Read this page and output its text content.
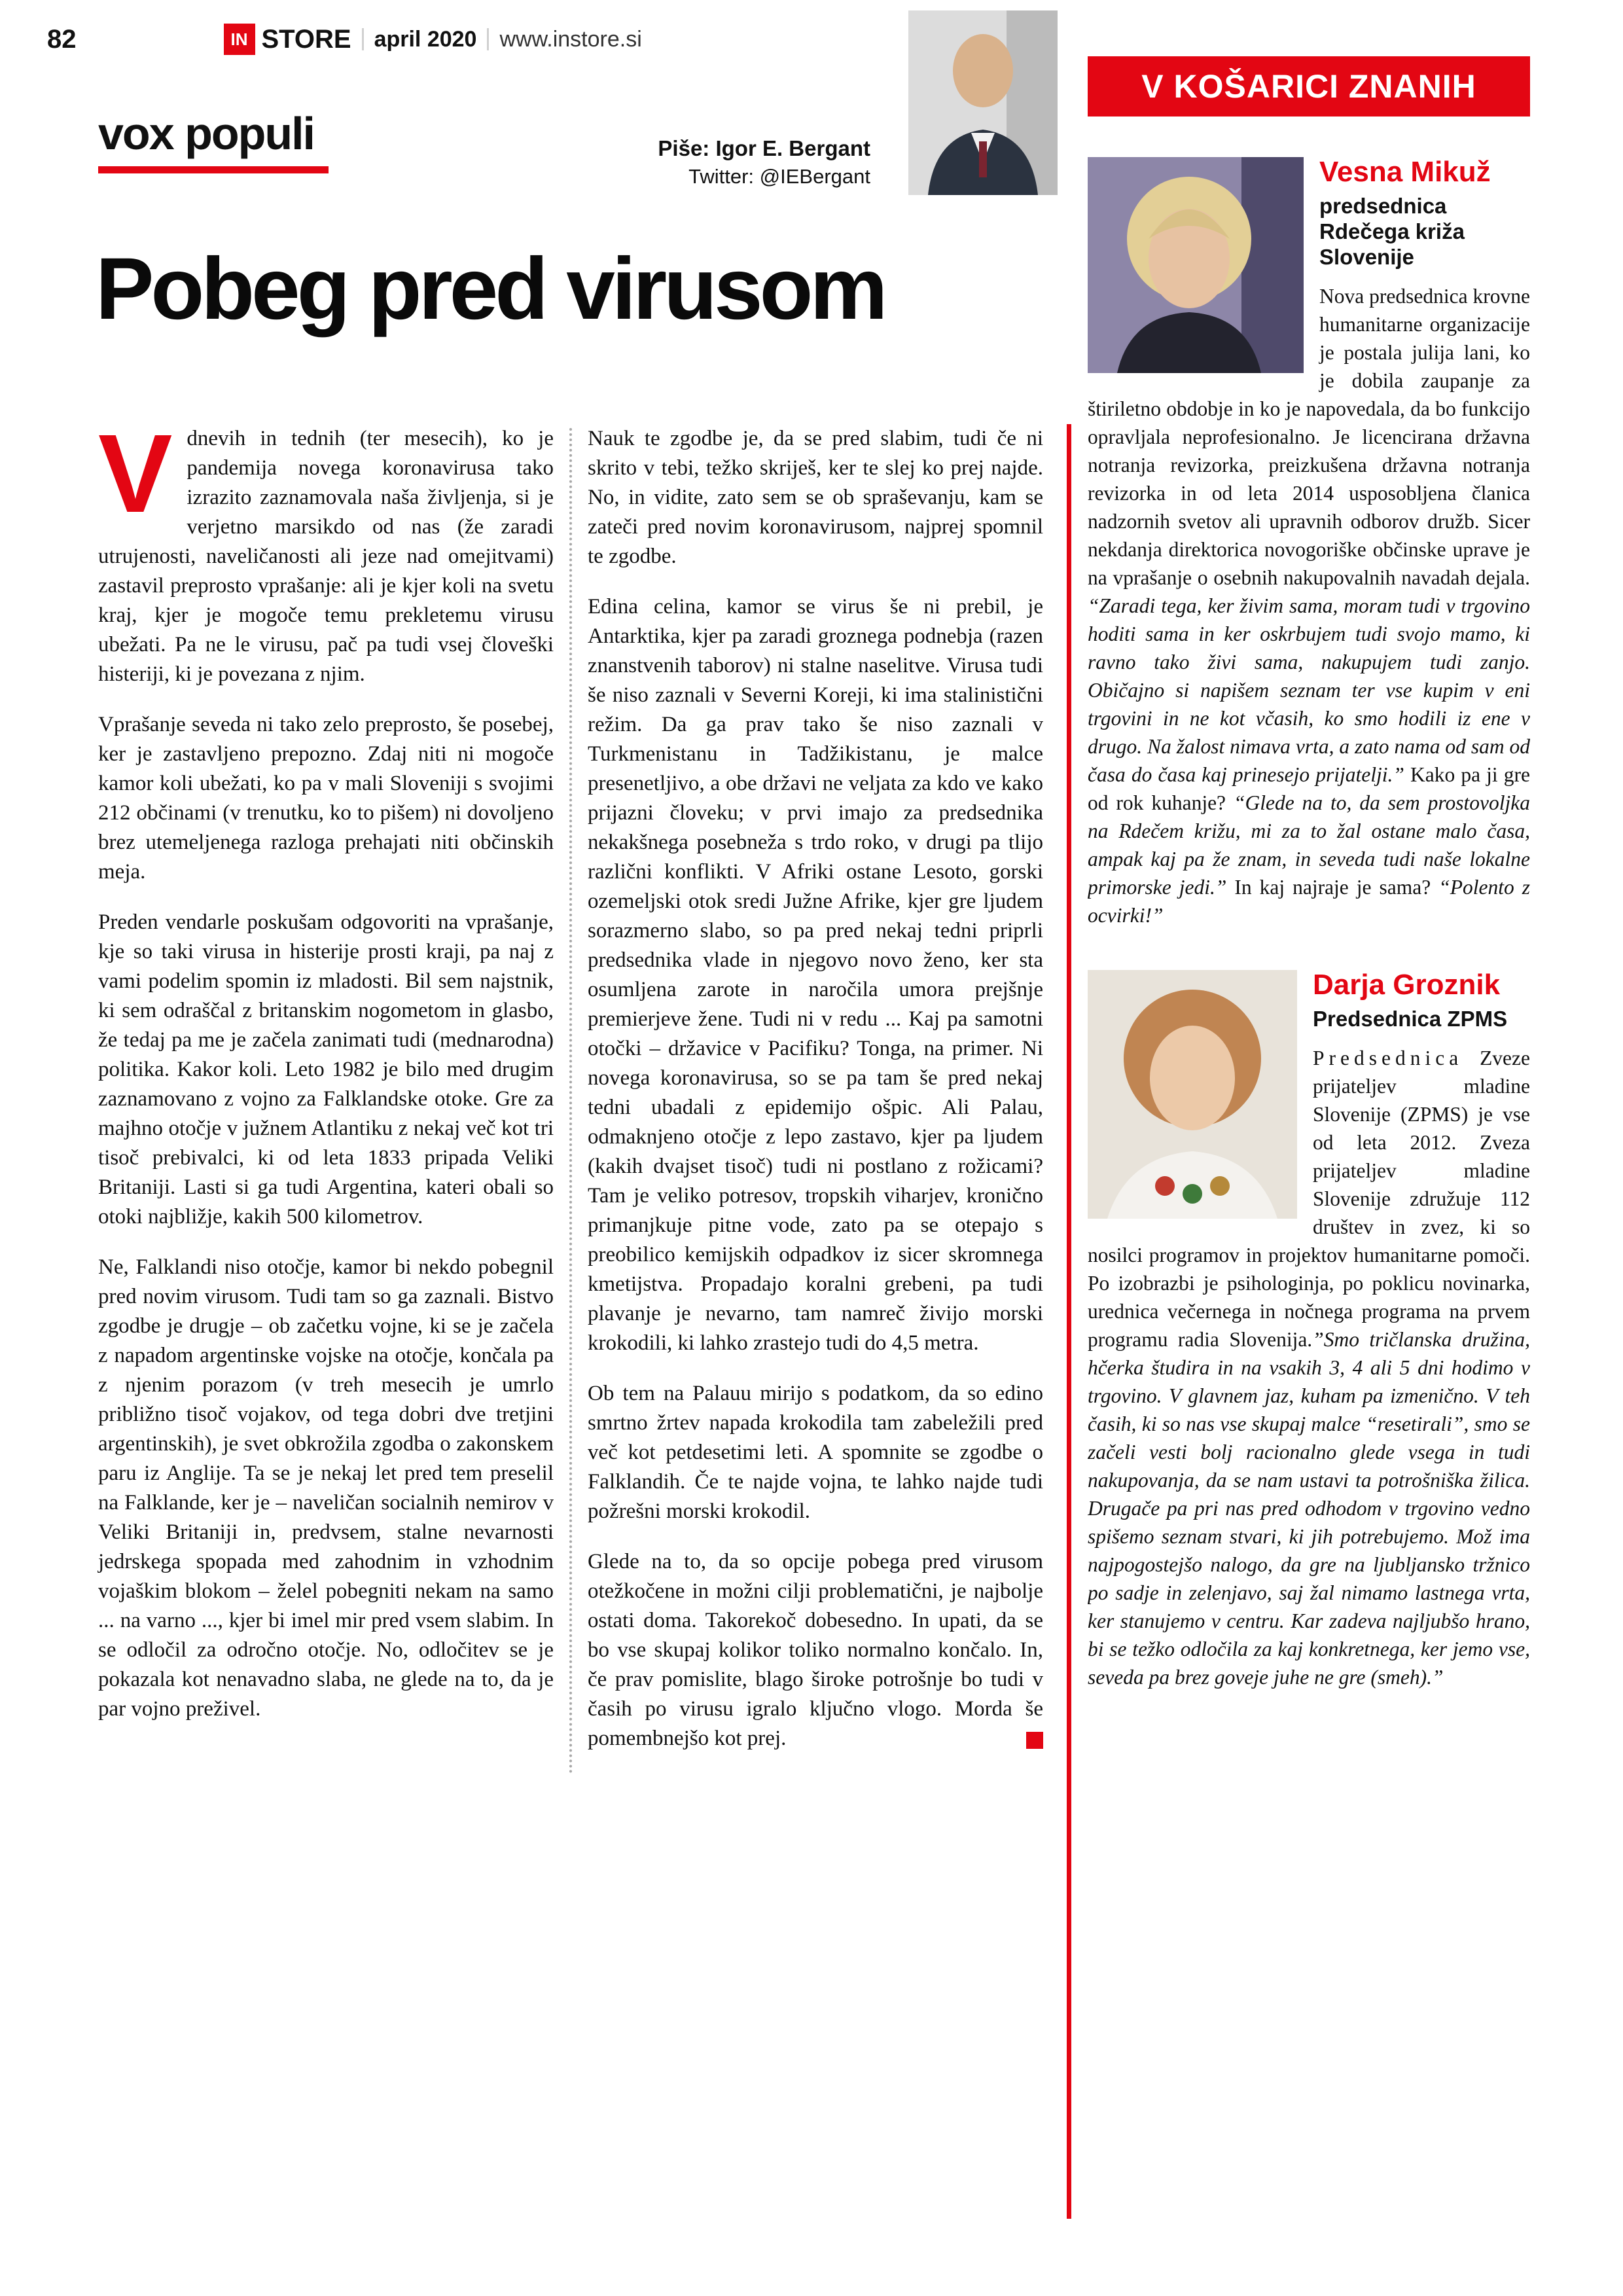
82	IN STORE april 2020 www.instore.si
vox populi	Piše: Igor E. Bergant
Twitter: @IEBergant
Pobeg pred virusom

Vdnevih in tednih (ter mesecih), ko je pandemija novega koronavirusa tako izrazito zaznamovala naša življenja, si je verjetno marsikdo od nas (že zaradi utrujenosti, naveličanosti ali jeze nad omejitvami) zastavil preprosto vprašanje: ali je kjer koli na svetu kraj, kjer je mogoče temu prekletemu virusu ubežati. Pa ne le virusu, pač pa tudi vsej človeški histeriji, ki je povezana z njim.

Vprašanje seveda ni tako zelo preprosto, še posebej, ker je zastavljeno prepozno. Zdaj niti ni mogoče kamor koli ubežati, ko pa v mali Sloveniji s svojimi 212 občinami (v trenutku, ko to pišem) ni dovoljeno brez utemeljenega razloga prehajati niti občinskih meja.

Preden vendarle poskušam odgovoriti na vprašanje, kje so taki virusa in histerije prosti kraji, pa naj z vami podelim spomin iz mladosti. Bil sem najstnik, ki sem odraščal z britanskim nogometom in glasbo, že tedaj pa me je začela zanimati tudi (mednarodna) politika. Kakor koli. Leto 1982 je bilo med drugim zaznamovano z vojno za Falklandske otoke. Gre za majhno otočje v južnem Atlantiku z nekaj več kot tri tisoč prebivalci, ki od leta 1833 pripada Veliki Britaniji. Lasti si ga tudi Argentina, kateri obali so otoki najbližje, kakih 500 kilometrov.

Ne, Falklandi niso otočje, kamor bi nekdo pobegnil pred novim virusom. Tudi tam so ga zaznali. Bistvo zgodbe je drugje – ob začetku vojne, ki se je začela z napadom argentinske vojske na otočje, končala pa z njenim porazom (v treh mesecih je umrlo približno tisoč vojakov, od tega dobri dve tretjini argentinskih), je svet obkrožila zgodba o zakonskem paru iz Anglije. Ta se je nekaj let pred tem preselil na Falklande, ker je – naveličan socialnih nemirov v Veliki Britaniji in, predvsem, stalne nevarnosti jedrskega spopada med zahodnim in vzhodnim vojaškim blokom – želel pobegniti nekam na samo ... na varno ..., kjer bi imel mir pred vsem slabim. In se odločil za odročno otočje. No, odločitev se je pokazala kot nenavadno slaba, ne glede na to, da je par vojno preživel.

Nauk te zgodbe je, da se pred slabim, tudi če ni skrito v tebi, težko skriješ, ker te slej ko prej najde. No, in vidite, zato sem se ob spraševanju, kam se zateči pred novim koronavirusom, najprej spomnil te zgodbe.

Edina celina, kamor se virus še ni prebil, je Antarktika, kjer pa zaradi groznega podnebja (razen znanstvenih taborov) ni stalne naselitve. Virusa tudi še niso zaznali v Severni Koreji, ki ima stalinistični režim. Da ga prav tako še niso zaznali v Turkmenistanu in Tadžikistanu, je malce presenetljivo, a obe državi ne veljata za kdo ve kako prijazni človeku; v prvi imajo za predsednika nekakšnega posebneža s trdo roko, v drugi pa tlijo različni konflikti. V Afriki ostane Lesoto, gorski ozemeljski otok sredi Južne Afrike, kjer gre ljudem sorazmerno slabo, so pa pred nekaj tedni priprli predsednika vlade in njegovo novo ženo, ker sta osumljena zarote in naročila umora prejšnje premierjeve žene. Tudi ni v redu ... Kaj pa samotni otočki – državice v Pacifiku? Tonga, na primer. Ni novega koronavirusa, so se pa tam še pred nekaj tedni ubadali z epidemijo ošpic. Ali Palau, odmaknjeno otočje z lepo zastavo, kjer pa ljudem (kakih dvajset tisoč) tudi ni postlano z rožicami? Tam je veliko potresov, tropskih viharjev, kronično primanjkuje pitne vode, zato pa se otepajo s preobilico kemijskih odpadkov iz sicer skromnega kmetijstva. Propadajo koralni grebeni, pa tudi plavanje je nevarno, tam namreč živijo morski krokodili, ki lahko zrastejo tudi do 4,5 metra.

Ob tem na Palauu mirijo s podatkom, da so edino smrtno žrtev napada krokodila tam zabeležili pred več kot petdesetimi leti. A spomnite se zgodbe o Falklandih. Če te najde vojna, te lahko najde tudi požrešni morski krokodil.

Glede na to, da so opcije pobega pred virusom otežkočene in možni cilji problematični, je najbolje ostati doma. Takorekoč dobesedno. In upati, da se bo vse skupaj kolikor toliko normalno končalo. In, če prav pomislite, blago široke potrošnje bo tudi v časih po virusu igralo ključno vlogo. Morda še pomembnejšo kot prej.

V KOŠARICI ZNANIH
Vesna Mikuž
predsednica Rdečega križa Slovenije

Nova predsednica krovne humanitarne organizacije je postala julija lani, ko je dobila zaupanje za štiriletno obdobje in ko je napovedala, da bo funkcijo opravljala neprofesionalno. Je licencirana državna notranja revizorka, preizkušena državna notranja revizorka in od leta 2014 usposobljena članica nadzornih svetov ali upravnih odborov družb. Sicer nekdanja direktorica novogoriške občinske uprave je na vprašanje o osebnih nakupovalnih navadah dejala. “Zaradi tega, ker živim sama, moram tudi v trgovino hoditi sama in ker oskrbujem tudi svojo mamo, ki ravno tako živi sama, nakupujem tudi zanjo. Običajno si napišem seznam ter vse kupim v eni trgovini in ne kot včasih, ko smo hodili iz ene v drugo. Na žalost nimava vrta, a zato nama od sam od časa do časa kaj prinesejo prijatelji.” Kako pa ji gre od rok kuhanje? “Glede na to, da sem prostovoljka na Rdečem križu, mi za to žal ostane malo časa, ampak kaj pa že znam, in seveda tudi naše lokalne primorske jedi.” In kaj najraje je sama? “Polento z ocvirki!”

Darja Groznik
Predsednica ZPMS

Predsednica Zveze prijateljev mladine Slovenije (ZPMS) je vse od leta 2012. Zveza prijateljev mladine Slovenije združuje 112 društev in zvez, ki so nosilci programov in projektov humanitarne pomoči. Po izobrazbi je psihologinja, po poklicu novinarka, urednica večernega in nočnega programa na prvem programu radia Slovenija.”Smo tričlanska družina, hčerka študira in na vsakih 3, 4 ali 5 dni hodimo v trgovino. V glavnem jaz, kuham pa izmenično. V teh časih, ki so nas vse skupaj malce “resetirali”, smo se začeli vesti bolj racionalno glede vsega in tudi nakupovanja, da se nam ustavi ta potrošniška žilica. Drugače pa pri nas pred odhodom v trgovino vedno spišemo seznam stvari, ki jih potrebujemo. Mož ima najpogostejšo nalogo, da gre na ljubljansko tržnico po sadje in zelenjavo, saj žal nimamo lastnega vrta, ker stanujemo v centru. Kar zadeva najljubšo hrano, bi se težko odločila za kaj konkretnega, ker jemo vse, seveda pa brez goveje juhe ne gre (smeh).”
